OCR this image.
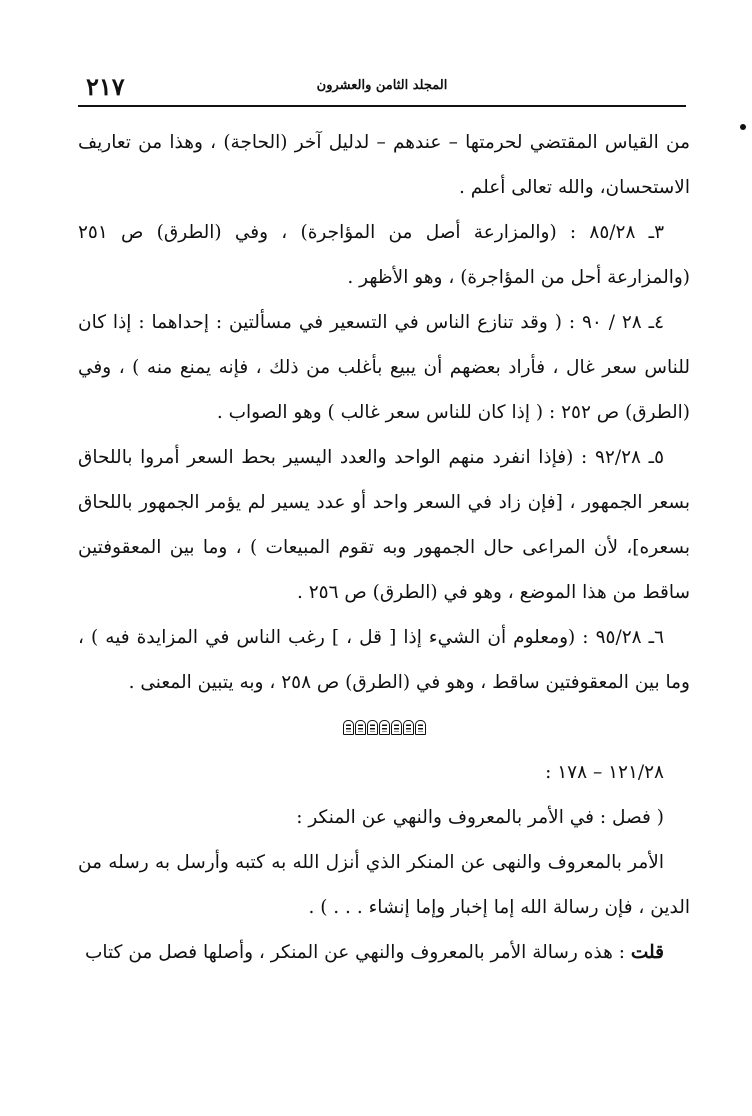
المجلد الثامن والعشرون
٢١٧

من القياس المقتضي لحرمتها – عندهم – لدليل آخر (الحاجة) ، وهذا من تعاريف الاستحسان، والله تعالى أعلم .

٣ـ ٨٥/٢٨ : (والمزارعة أصل من المؤاجرة) ، وفي (الطرق) ص ٢٥١ (والمزارعة أحل من المؤاجرة) ، وهو الأظهر .

٤ـ ٢٨ / ٩٠ : ( وقد تنازع الناس في التسعير في مسألتين : إحداهما : إذا كان للناس سعر غال ، فأراد بعضهم أن يبيع بأغلب من ذلك ، فإنه يمنع منه ) ، وفي (الطرق) ص ٢٥٢ : ( إذا كان للناس سعر غالب ) وهو الصواب .

٥ـ ٩٢/٢٨ : (فإذا انفرد منهم الواحد والعدد اليسير بحط السعر أمروا باللحاق بسعر الجمهور ، [فإن زاد في السعر واحد أو عدد يسير لم يؤمر الجمهور باللحاق بسعره]، لأن المراعى حال الجمهور وبه تقوم المبيعات ) ، وما بين المعقوفتين ساقط من هذا الموضع ، وهو في (الطرق) ص ٢٥٦ .

٦ـ ٩٥/٢٨ : (ومعلوم أن الشيء إذا [ قل ، ] رغب الناس في المزايدة فيه ) ، وما بين المعقوفتين ساقط ، وهو في (الطرق) ص ٢٥٨ ، وبه يتبين المعنى .

١٢١/٢٨ – ١٧٨ :

( فصل : في الأمر بالمعروف والنهي عن المنكر :

الأمر بالمعروف والنهى عن المنكر الذي أنزل الله به كتبه وأرسل به رسله من الدين ، فإن رسالة الله إما إخبار وإما إنشاء . . . ) .

قلت : هذه رسالة الأمر بالمعروف والنهي عن المنكر ، وأصلها فصل من كتاب
